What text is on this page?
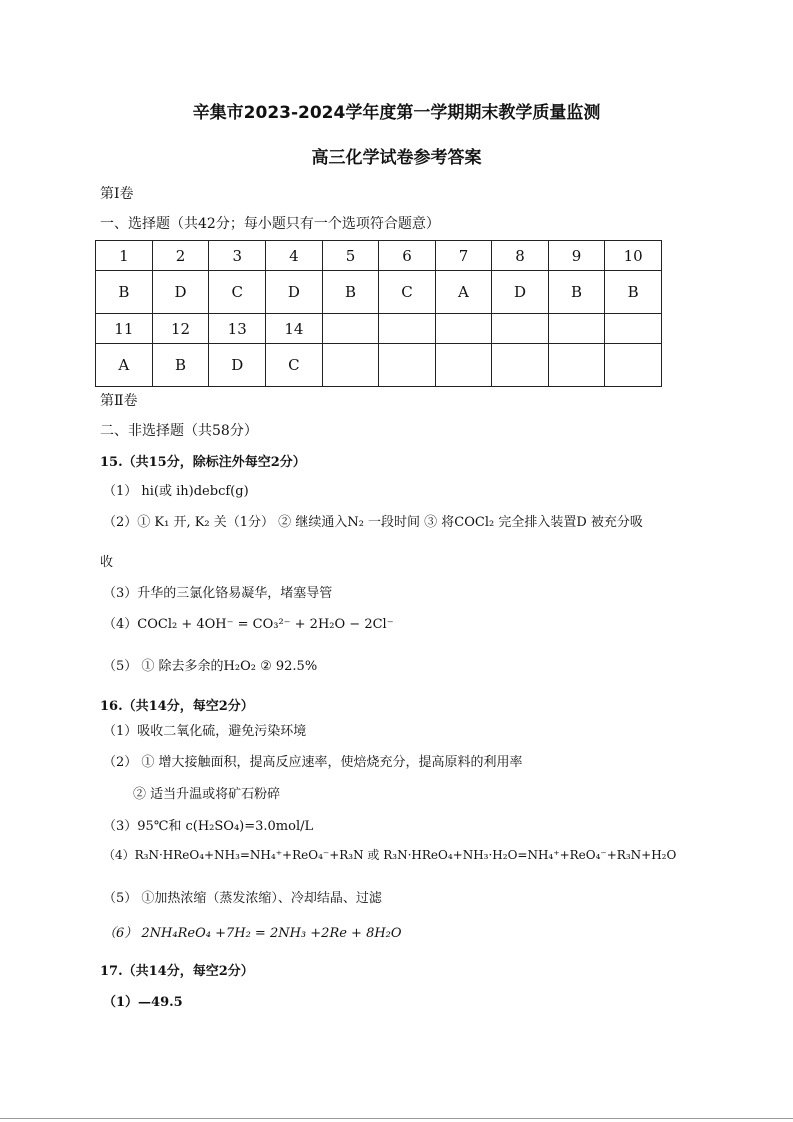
辛集市2023-2024学年度第一学期期末教学质量监测
高三化学试卷参考答案
第Ⅰ卷
一、选择题（共42分；每小题只有一个选项符合题意）
1	2	3	4	5	6	7	8	9	10
B	D	C	D	B	C	A	D	B	B
11	12	13	14						
A	B	D	C						
第Ⅱ卷
二、非选择题（共58分）
15.（共15分，除标注外每空2分）
（1） hi(或 ih)debcf(g)
（2）① K₁ 开, K₂ 关（1分） ② 继续通入N₂ 一段时间 ③ 将COCl₂ 完全排入装置D 被充分吸
收
（3）升华的三氯化铬易凝华，堵塞导管
（4）COCl₂ + 4OH⁻ = CO₃²⁻ + 2H₂O − 2Cl⁻
（5） ① 除去多余的H₂O₂ ② 92.5%
16.（共14分，每空2分）
（1）吸收二氧化硫，避免污染环境
（2） ① 增大接触面积，提高反应速率，使焙烧充分，提高原料的利用率
② 适当升温或将矿石粉碎
（3）95℃和 c(H₂SO₄)=3.0mol/L
（4）R₃N·HReO₄+NH₃=NH₄⁺+ReO₄⁻+R₃N 或 R₃N·HReO₄+NH₃·H₂O=NH₄⁺+ReO₄⁻+R₃N+H₂O
（5） ①加热浓缩（蒸发浓缩）、冷却结晶、过滤
（6） 2NH₄ReO₄ +7H₂ = 2NH₃ +2Re + 8H₂O
17.（共14分，每空2分）
（1）—49.5
